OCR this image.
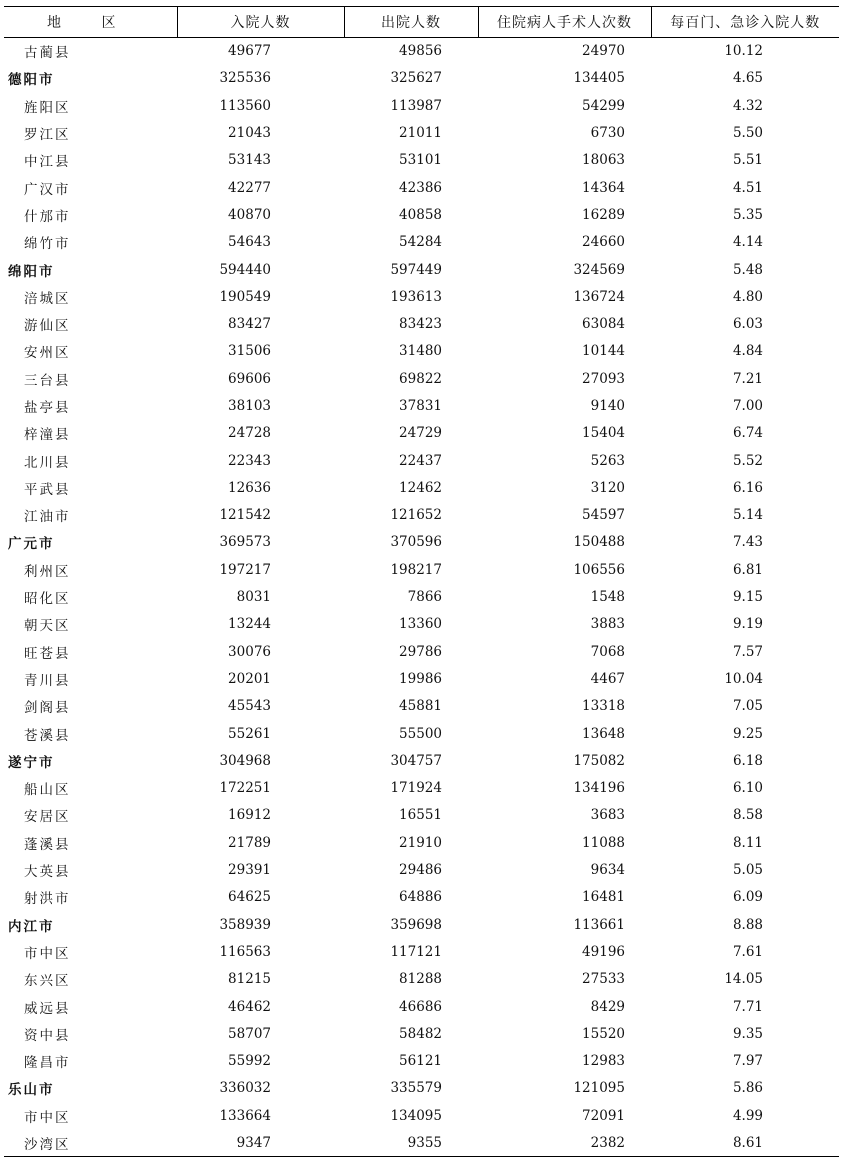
地 区	入院人数	出院人数	住院病人手术人次数	每百门、急诊入院人数
古蔺县	49677	49856	24970	10.12
德阳市	325536	325627	134405	4.65
旌阳区	113560	113987	54299	4.32
罗江区	21043	21011	6730	5.50
中江县	53143	53101	18063	5.51
广汉市	42277	42386	14364	4.51
什邡市	40870	40858	16289	5.35
绵竹市	54643	54284	24660	4.14
绵阳市	594440	597449	324569	5.48
涪城区	190549	193613	136724	4.80
游仙区	83427	83423	63084	6.03
安州区	31506	31480	10144	4.84
三台县	69606	69822	27093	7.21
盐亭县	38103	37831	9140	7.00
梓潼县	24728	24729	15404	6.74
北川县	22343	22437	5263	5.52
平武县	12636	12462	3120	6.16
江油市	121542	121652	54597	5.14
广元市	369573	370596	150488	7.43
利州区	197217	198217	106556	6.81
昭化区	8031	7866	1548	9.15
朝天区	13244	13360	3883	9.19
旺苍县	30076	29786	7068	7.57
青川县	20201	19986	4467	10.04
剑阁县	45543	45881	13318	7.05
苍溪县	55261	55500	13648	9.25
遂宁市	304968	304757	175082	6.18
船山区	172251	171924	134196	6.10
安居区	16912	16551	3683	8.58
蓬溪县	21789	21910	11088	8.11
大英县	29391	29486	9634	5.05
射洪市	64625	64886	16481	6.09
内江市	358939	359698	113661	8.88
市中区	116563	117121	49196	7.61
东兴区	81215	81288	27533	14.05
威远县	46462	46686	8429	7.71
资中县	58707	58482	15520	9.35
隆昌市	55992	56121	12983	7.97
乐山市	336032	335579	121095	5.86
市中区	133664	134095	72091	4.99
沙湾区	9347	9355	2382	8.61
